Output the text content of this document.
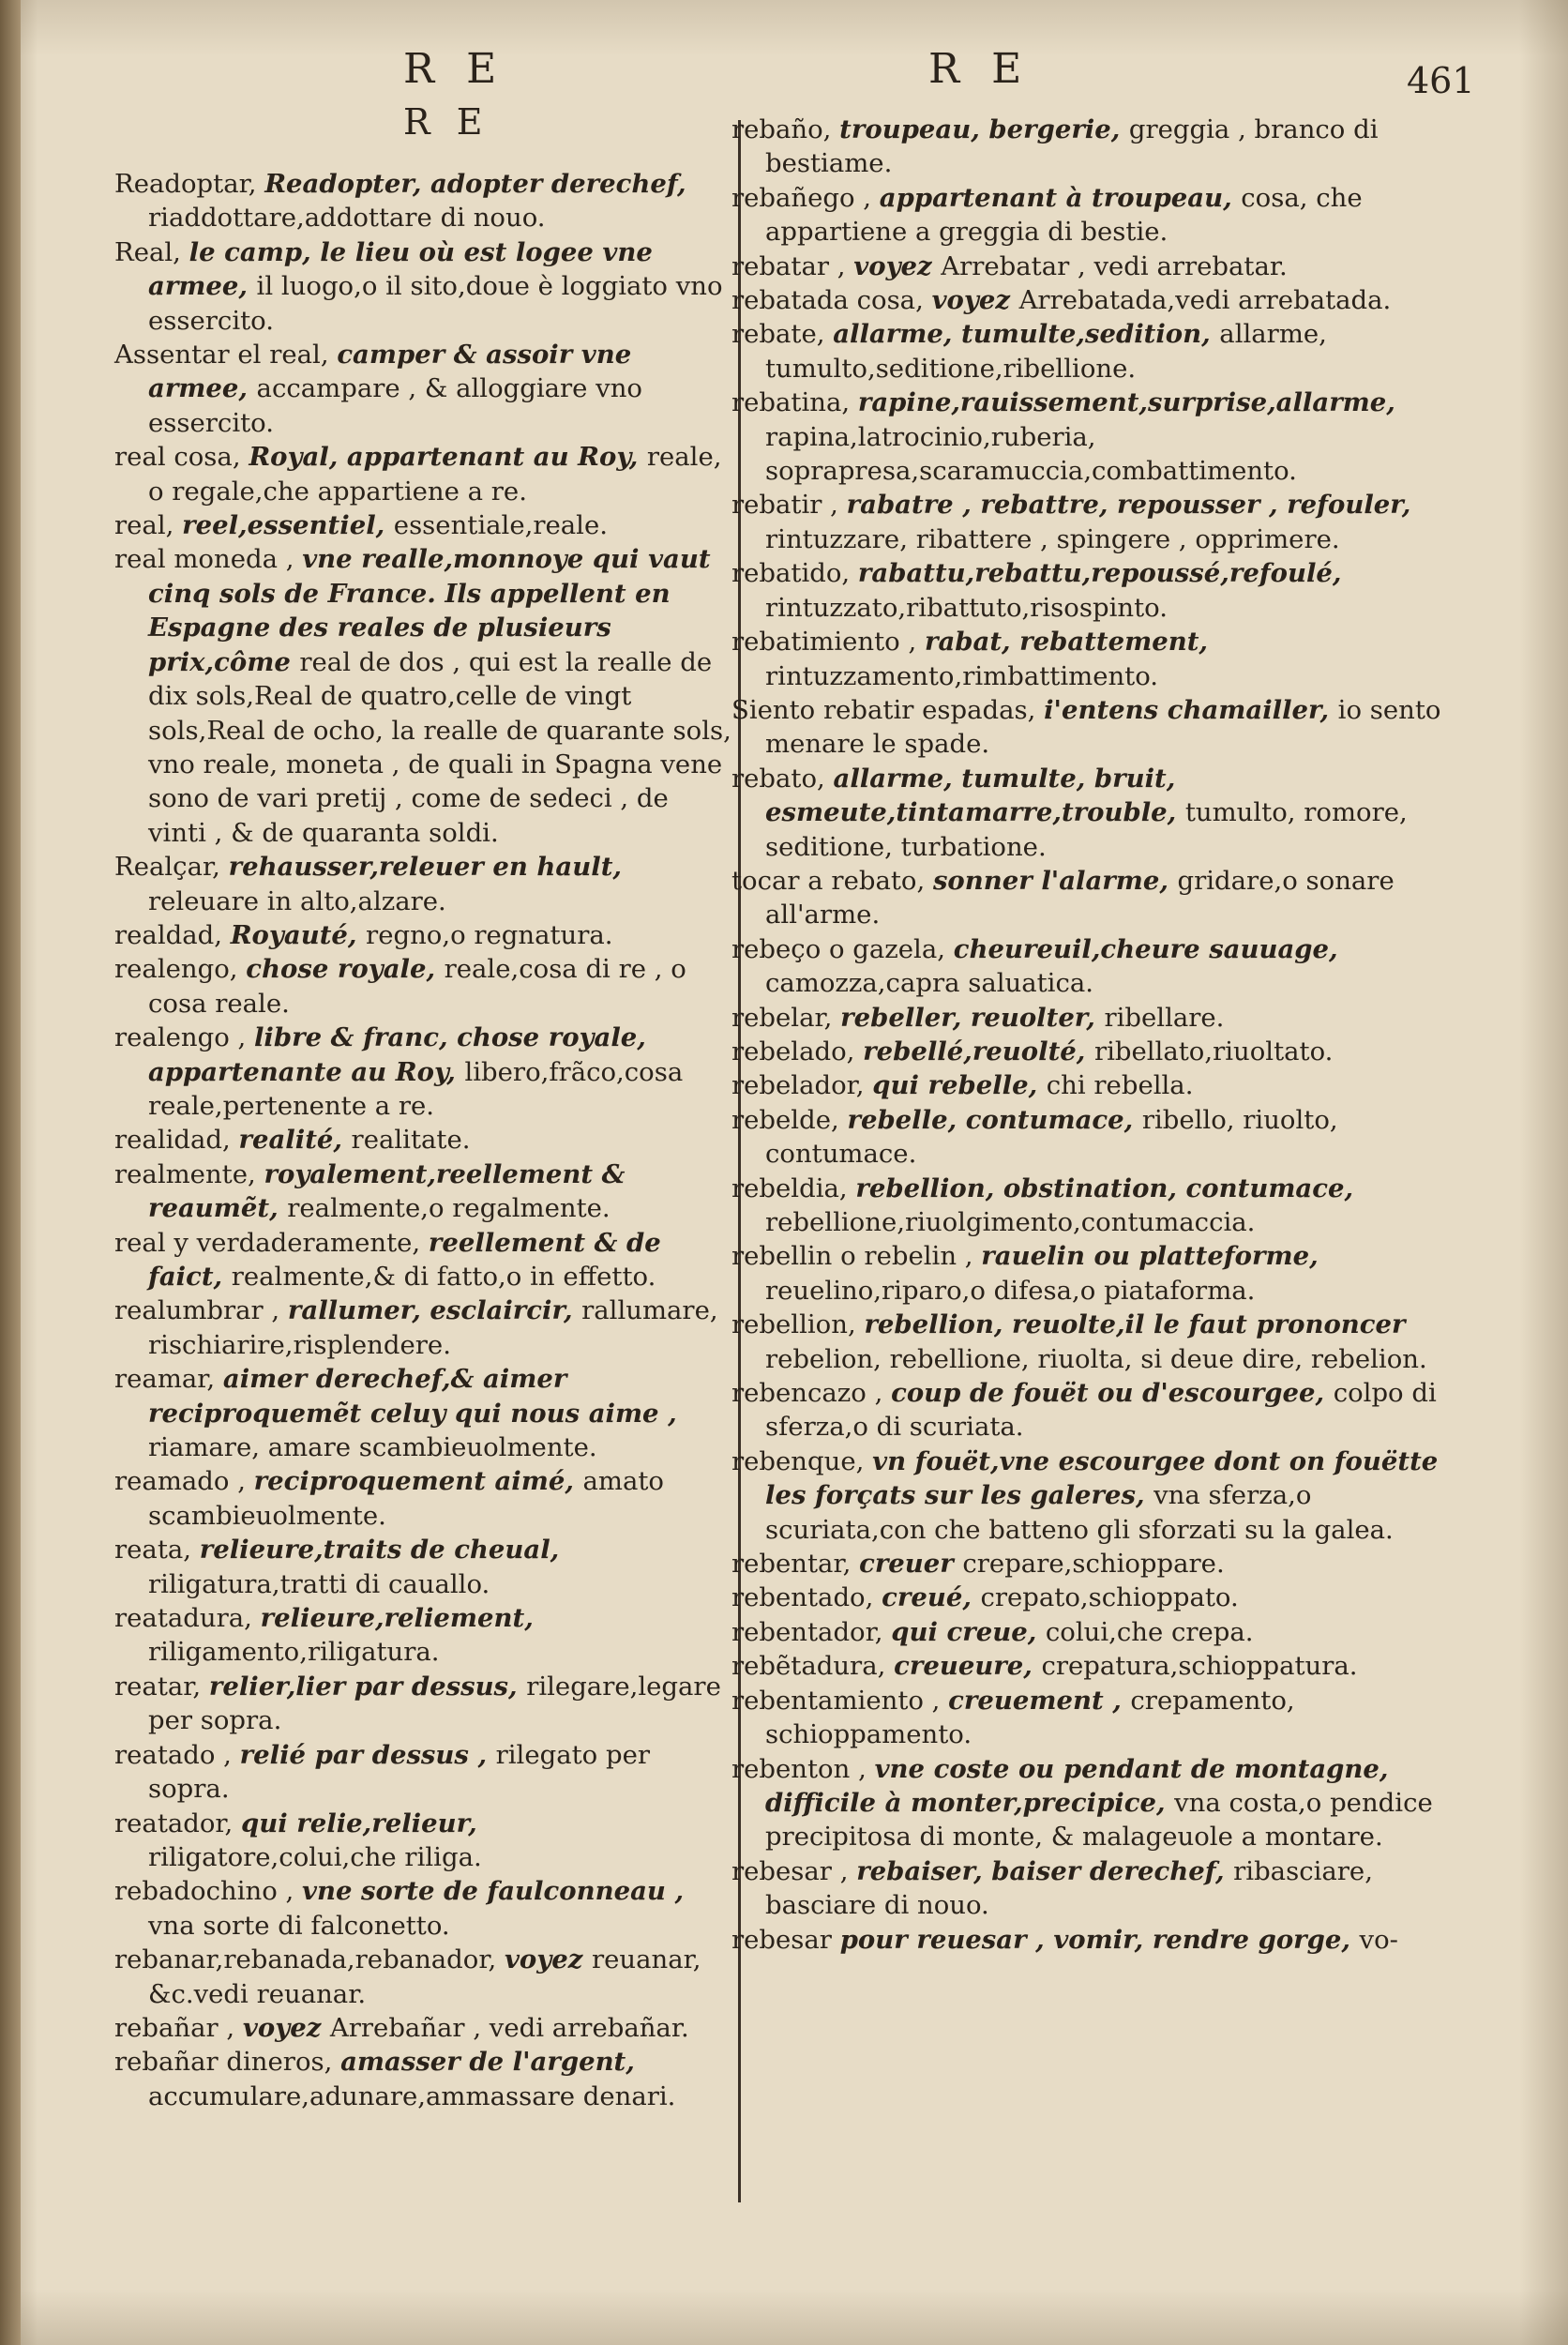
R E	R E	461
R E

Readoptar, Readopter, adopter derechef, riaddottare,addottare di nouo.

Real, le camp, le lieu où est logee vne armee, il luogo,o il sito,doue è loggiato vno essercito.

Assentar el real, camper & assoir vne armee, accampare , & alloggiare vno essercito.

real cosa, Royal, appartenant au Roy, reale, o regale,che appartiene a re.

real, reel,essentiel, essentiale,reale.

real moneda , vne realle,monnoye qui vaut cinq sols de France. Ils appellent en Espagne des reales de plusieurs prix,côme real de dos , qui est la realle de dix sols,Real de quatro,celle de vingt sols,Real de ocho, la realle de quarante sols, vno reale, moneta , de quali in Spagna vene sono de vari pretij , come de sedeci , de vinti , & de quaranta soldi.

Realçar, rehausser,releuer en hault, releuare in alto,alzare.

realdad, Royauté, regno,o regnatura.

realengo, chose royale, reale,cosa di re , o cosa reale.

realengo , libre & franc, chose royale, appartenante au Roy, libero,frãco,cosa reale,pertenente a re.

realidad, realité, realitate.

realmente, royalement,reellement & reaumẽt, realmente,o regalmente.

real y verdaderamente, reellement & de faict, realmente,& di fatto,o in effetto.

realumbrar , rallumer, esclaircir, rallumare, rischiarire,risplendere.

reamar, aimer derechef,& aimer reciproquemẽt celuy qui nous aime , riamare, amare scambieuolmente.

reamado , reciproquement aimé, amato scambieuolmente.

reata, relieure,traits de cheual, riligatura,tratti di cauallo.

reatadura, relieure,reliement, riligamento,riligatura.

reatar, relier,lier par dessus, rilegare,legare per sopra.

reatado , relié par dessus , rilegato per sopra.

reatador, qui relie,relieur, riligatore,colui,che riliga.

rebadochino , vne sorte de faulconneau , vna sorte di falconetto.

rebanar,rebanada,rebanador, voyez reuanar, &c.vedi reuanar.

rebañar , voyez Arrebañar , vedi arrebañar.

rebañar dineros, amasser de l'argent, accumulare,adunare,ammassare denari.

rebaño, troupeau, bergerie, greggia , branco di bestiame.

rebañego , appartenant à troupeau, cosa, che appartiene a greggia di bestie.

rebatar , voyez Arrebatar , vedi arrebatar.

rebatada cosa, voyez Arrebatada,vedi arrebatada.

rebate, allarme, tumulte,sedition, allarme, tumulto,seditione,ribellione.

rebatina, rapine,rauissement,surprise,allarme, rapina,latrocinio,ruberia, soprapresa,scaramuccia,combattimento.

rebatir , rabatre , rebattre, repousser , refouler, rintuzzare, ribattere , spingere , opprimere.

rebatido, rabattu,rebattu,repoussé,refoulé, rintuzzato,ribattuto,risospinto.

rebatimiento , rabat, rebattement, rintuzzamento,rimbattimento.

Siento rebatir espadas, i'entens chamailler, io sento menare le spade.

rebato, allarme, tumulte, bruit, esmeute,tintamarre,trouble, tumulto, romore, seditione, turbatione.

tocar a rebato, sonner l'alarme, gridare,o sonare all'arme.

rebeço o gazela, cheureuil,cheure sauuage, camozza,capra saluatica.

rebelar, rebeller, reuolter, ribellare.

rebelado, rebellé,reuolté, ribellato,riuoltato.

rebelador, qui rebelle, chi rebella.

rebelde, rebelle, contumace, ribello, riuolto, contumace.

rebeldia, rebellion, obstination, contumace, rebellione,riuolgimento,contumaccia.

rebellin o rebelin , rauelin ou platteforme, reuelino,riparo,o difesa,o piataforma.

rebellion, rebellion, reuolte,il le faut prononcer rebelion, rebellione, riuolta, si deue dire, rebelion.

rebencazo , coup de fouët ou d'escourgee, colpo di sferza,o di scuriata.

rebenque, vn fouët,vne escourgee dont on fouëtte les forçats sur les galeres, vna sferza,o scuriata,con che batteno gli sforzati su la galea.

rebentar, creuer crepare,schioppare.

rebentado, creué, crepato,schioppato.

rebentador, qui creue, colui,che crepa.

rebẽtadura, creueure, crepatura,schioppatura.

rebentamiento , creuement , crepamento, schioppamento.

rebenton , vne coste ou pendant de montagne, difficile à monter,precipice, vna costa,o pendice precipitosa di monte, & malageuole a montare.

rebesar , rebaiser, baiser derechef, ribasciare, basciare di nouo.

rebesar pour reuesar , vomir, rendre gorge, vo-
